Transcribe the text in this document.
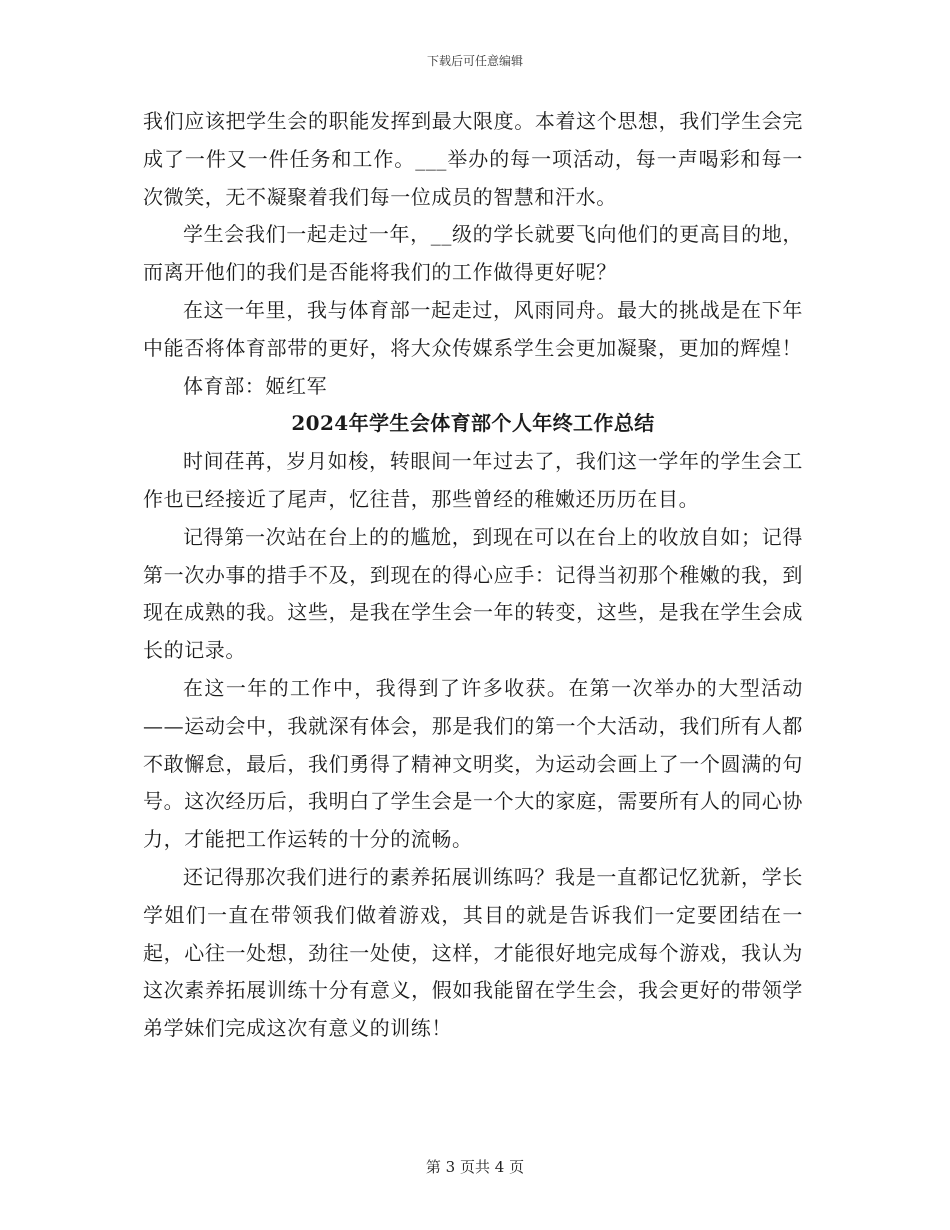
下载后可任意编辑

我们应该把学生会的职能发挥到最大限度。本着这个思想，我们学生会完成了一件又一件任务和工作。___举办的每一项活动，每一声喝彩和每一次微笑，无不凝聚着我们每一位成员的智慧和汗水。

学生会我们一起走过一年，__级的学长就要飞向他们的更高目的地，而离开他们的我们是否能将我们的工作做得更好呢？

在这一年里，我与体育部一起走过，风雨同舟。最大的挑战是在下年中能否将体育部带的更好，将大众传媒系学生会更加凝聚，更加的辉煌！

体育部：姬红军

2024年学生会体育部个人年终工作总结

时间荏苒，岁月如梭，转眼间一年过去了，我们这一学年的学生会工作也已经接近了尾声，忆往昔，那些曾经的稚嫩还历历在目。

记得第一次站在台上的的尴尬，到现在可以在台上的收放自如；记得第一次办事的措手不及，到现在的得心应手：记得当初那个稚嫩的我，到现在成熟的我。这些，是我在学生会一年的转变，这些，是我在学生会成长的记录。

在这一年的工作中，我得到了许多收获。在第一次举办的大型活动——运动会中，我就深有体会，那是我们的第一个大活动，我们所有人都不敢懈怠，最后，我们勇得了精神文明奖，为运动会画上了一个圆满的句号。这次经历后，我明白了学生会是一个大的家庭，需要所有人的同心协力，才能把工作运转的十分的流畅。

还记得那次我们进行的素养拓展训练吗？我是一直都记忆犹新，学长学姐们一直在带领我们做着游戏，其目的就是告诉我们一定要团结在一起，心往一处想，劲往一处使，这样，才能很好地完成每个游戏，我认为这次素养拓展训练十分有意义，假如我能留在学生会，我会更好的带领学弟学妹们完成这次有意义的训练！

第 3 页共 4 页
